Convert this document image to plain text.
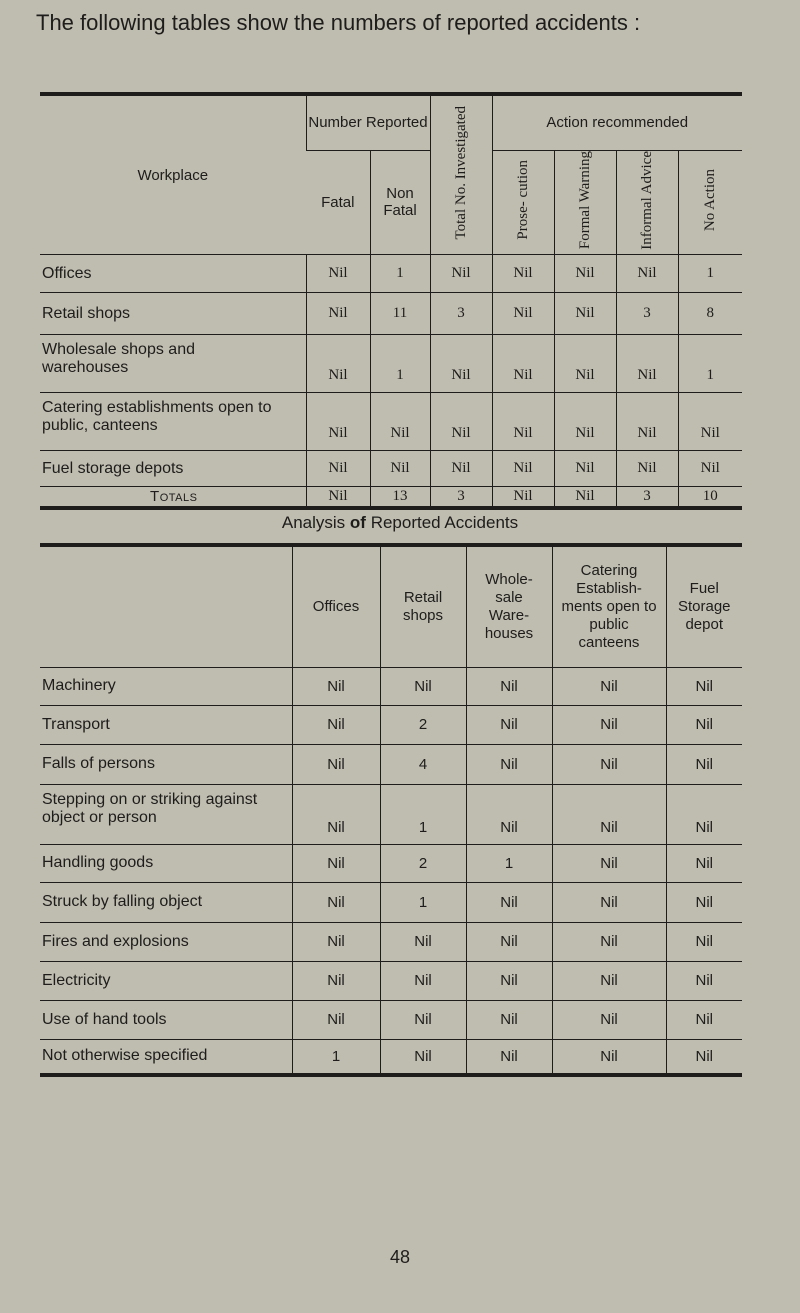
The following tables show the numbers of reported accidents :
Workplace	Number Reported		Total No. Investigated	Action recommended			
	Fatal	Non Fatal		Prose- cution	Formal Warning	Informal Advice	No Action
Offices	Nil	1	Nil	Nil	Nil	Nil	1
Retail shops	Nil	11	3	Nil	Nil	3	8
Wholesale shops and warehouses	Nil	1	Nil	Nil	Nil	Nil	1
Catering establishments open to public, canteens	Nil	Nil	Nil	Nil	Nil	Nil	Nil
Fuel storage depots	Nil	Nil	Nil	Nil	Nil	Nil	Nil
Totals	Nil	13	3	Nil	Nil	3	10
Analysis of Reported Accidents
	Offices	Retail shops	Whole- sale Ware- houses	Catering Establish- ments open to public canteens	Fuel Storage depot
Machinery	Nil	Nil	Nil	Nil	Nil
Transport	Nil	2	Nil	Nil	Nil
Falls of persons	Nil	4	Nil	Nil	Nil
Stepping on or striking against object or person	Nil	1	Nil	Nil	Nil
Handling goods	Nil	2	1	Nil	Nil
Struck by falling object	Nil	1	Nil	Nil	Nil
Fires and explosions	Nil	Nil	Nil	Nil	Nil
Electricity	Nil	Nil	Nil	Nil	Nil
Use of hand tools	Nil	Nil	Nil	Nil	Nil
Not otherwise specified	1	Nil	Nil	Nil	Nil
48
